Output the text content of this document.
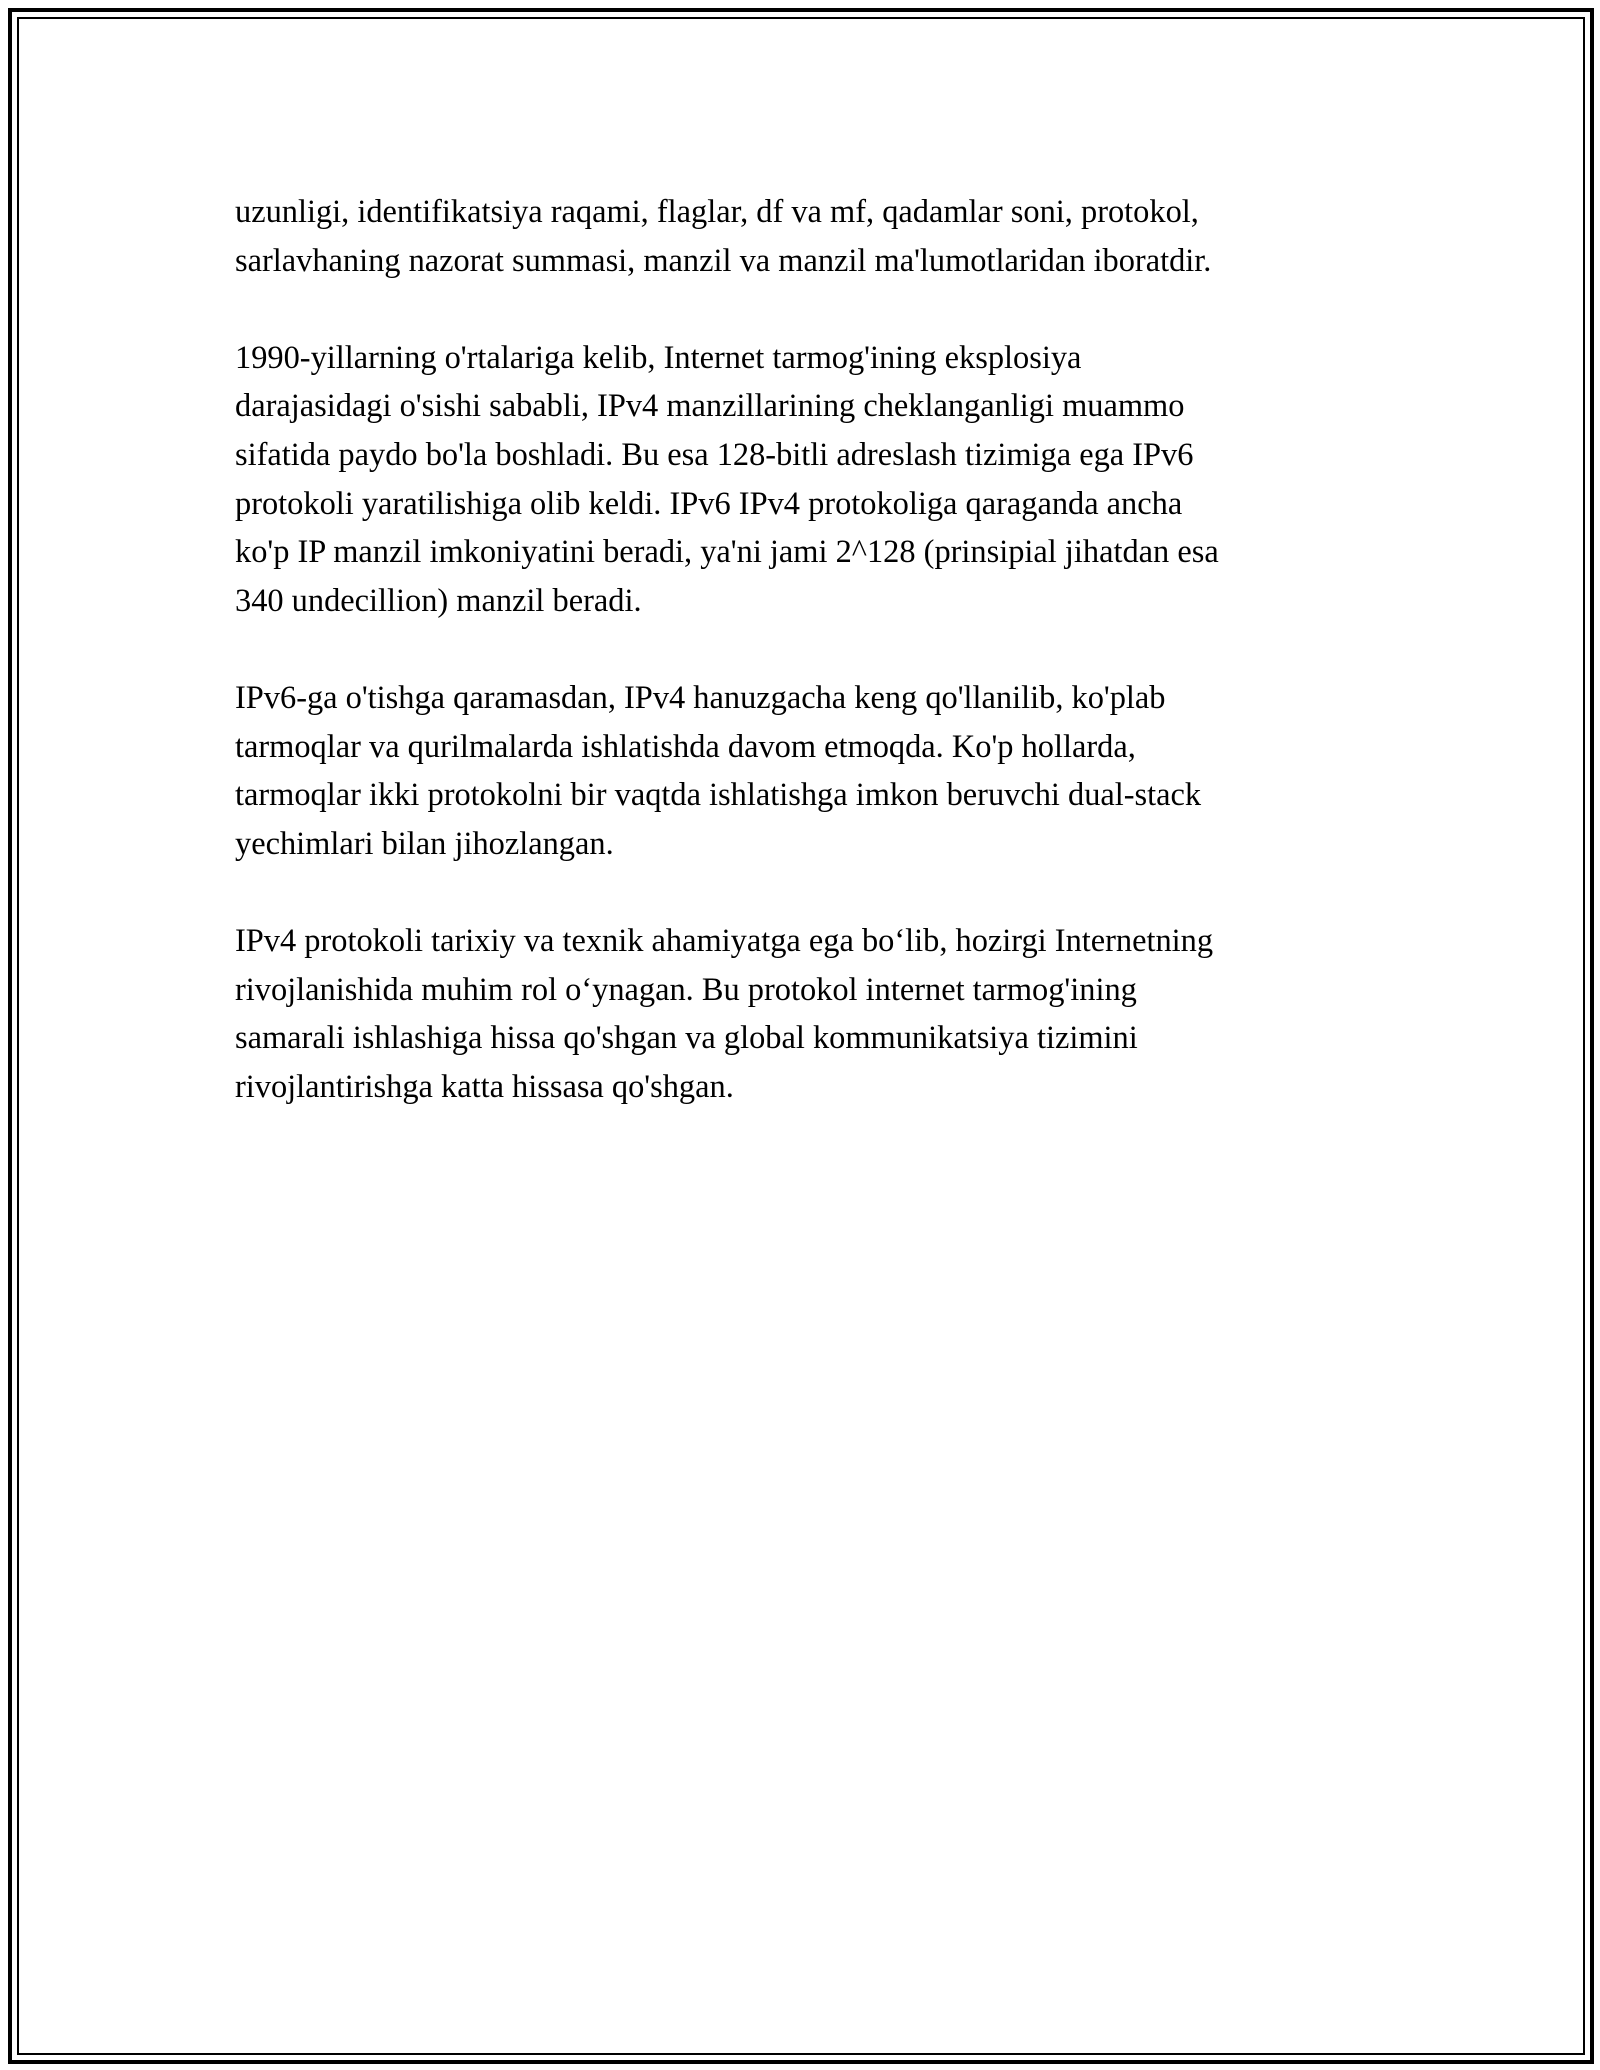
uzunligi, identifikatsiya raqami, flaglar, df va mf, qadamlar soni, protokol,
sarlavhaning nazorat summasi, manzil va manzil ma'lumotlaridan iboratdir.

1990-yillarning o'rtalariga kelib, Internet tarmog'ining eksplosiya
darajasidagi o'sishi sababli, IPv4 manzillarining cheklanganligi muammo
sifatida paydo bo'la boshladi. Bu esa 128-bitli adreslash tizimiga ega IPv6
protokoli yaratilishiga olib keldi. IPv6 IPv4 protokoliga qaraganda ancha
ko'p IP manzil imkoniyatini beradi, ya'ni jami 2^128 (prinsipial jihatdan esa
340 undecillion) manzil beradi.

IPv6-ga o'tishga qaramasdan, IPv4 hanuzgacha keng qo'llanilib, ko'plab
tarmoqlar va qurilmalarda ishlatishda davom etmoqda. Ko'p hollarda,
tarmoqlar ikki protokolni bir vaqtda ishlatishga imkon beruvchi dual-stack
yechimlari bilan jihozlangan.

IPv4 protokoli tarixiy va texnik ahamiyatga ega bo‘lib, hozirgi Internetning
rivojlanishida muhim rol o‘ynagan. Bu protokol internet tarmog'ining
samarali ishlashiga hissa qo'shgan va global kommunikatsiya tizimini
rivojlantirishga katta hissasa qo'shgan.
